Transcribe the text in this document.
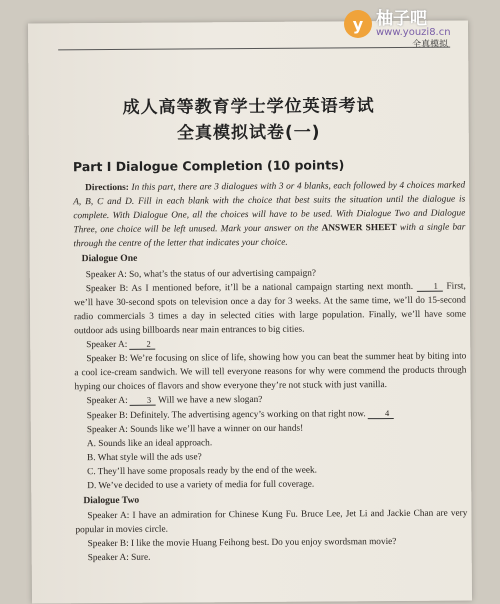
全真模拟
成人高等教育学士学位英语考试
全真模拟试卷(一)
Part Ⅰ Dialogue Completion (10 points)

Directions: In this part, there are 3 dialogues with 3 or 4 blanks, each followed by 4 choices marked A, B, C and D. Fill in each blank with the choice that best suits the situation until the dialogue is complete. With Dialogue One, all the choices will have to be used. With Dialogue Two and Dialogue Three, one choice will be left unused. Mark your answer on the ANSWER SHEET with a single bar through the centre of the letter that indicates your choice.

Dialogue One

Speaker A: So, what’s the status of our advertising campaign?

Speaker B: As I mentioned before, it’ll be a national campaign starting next month. 1 First, we’ll have 30-second spots on television once a day for 3 weeks. At the same time, we’ll do 15-second radio commercials 3 times a day in selected cities with large population. Finally, we’ll have some outdoor ads using billboards near main entrances to big cities.

Speaker A: 2

Speaker B: We’re focusing on slice of life, showing how you can beat the summer heat by biting into a cool ice-cream sandwich. We will tell everyone reasons for why were commend the products through hyping our choices of flavors and show everyone they’re not stuck with just vanilla.

Speaker A: 3 Will we have a new slogan?

Speaker B: Definitely. The advertising agency’s working on that right now. 4

Speaker A: Sounds like we’ll have a winner on our hands!

A. Sounds like an ideal approach.

B. What style will the ads use?

C. They’ll have some proposals ready by the end of the week.

D. We’ve decided to use a variety of media for full coverage.

Dialogue Two

Speaker A: I have an admiration for Chinese Kung Fu. Bruce Lee, Jet Li and Jackie Chan are very popular in movies circle.

Speaker B: I like the movie Huang Feihong best. Do you enjoy swordsman movie?

Speaker A: Sure.

y 柚子吧
www.youzi8.cn
